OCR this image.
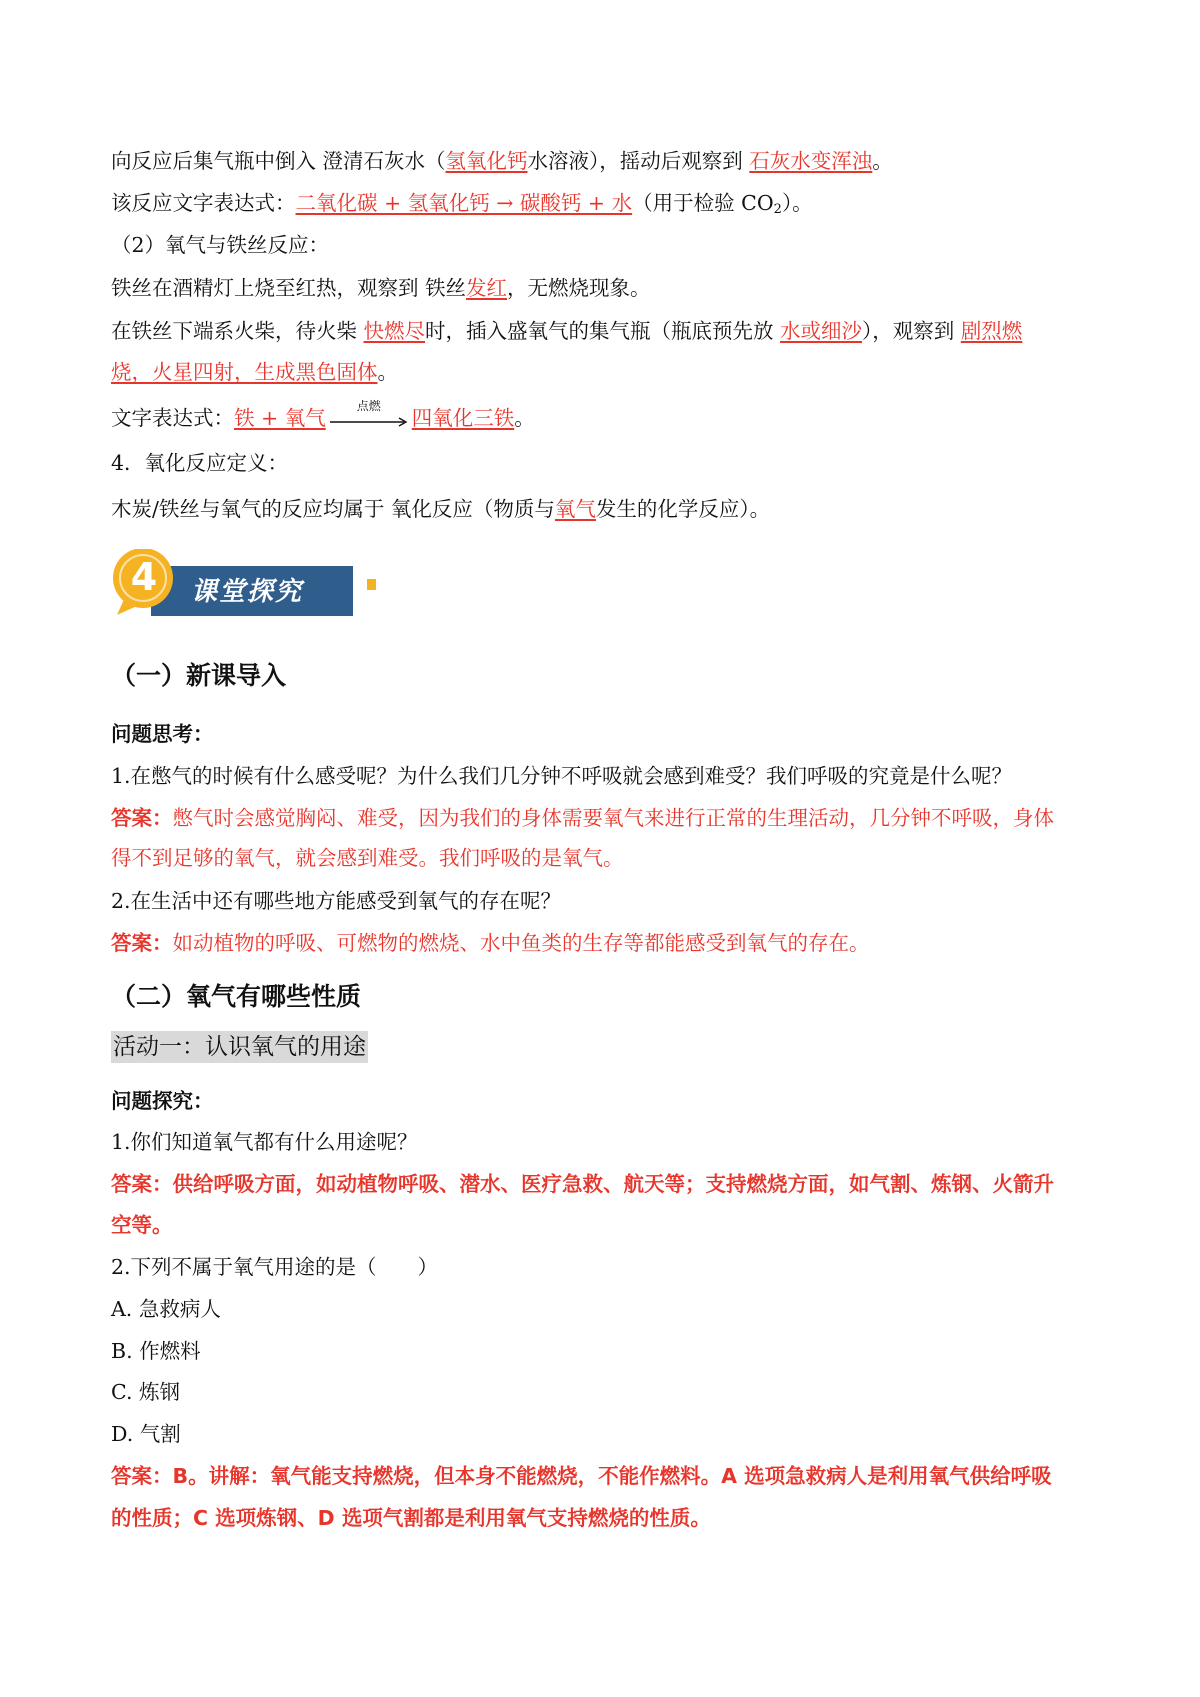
向反应后集气瓶中倒入 澄清石灰水（氢氧化钙水溶液），摇动后观察到 石灰水变浑浊。
该反应文字表达式：二氧化碳 + 氢氧化钙 → 碳酸钙 + 水（用于检验 $CO_2$）。
（2）氧气与铁丝反应：
铁丝在酒精灯上烧至红热，观察到 铁丝发红，无燃烧现象。
在铁丝下端系火柴，待火柴 快燃尽时，插入盛氧气的集气瓶（瓶底预先放 水或细沙），观察到 剧烈燃
烧，火星四射，生成黑色固体。
文字表达式：铁 + 氧气
点燃
四氧化三铁。
4．氧化反应定义：
木炭/铁丝与氧气的反应均属于 氧化反应（物质与氧气发生的化学反应）。
4 课堂探究
（一）新课导入
问题思考：
1.在憋气的时候有什么感受呢？为什么我们几分钟不呼吸就会感到难受？我们呼吸的究竟是什么呢？
答案：憋气时会感觉胸闷、难受，因为我们的身体需要氧气来进行正常的生理活动，几分钟不呼吸，身体
得不到足够的氧气，就会感到难受。我们呼吸的是氧气。
2.在生活中还有哪些地方能感受到氧气的存在呢？
答案：如动植物的呼吸、可燃物的燃烧、水中鱼类的生存等都能感受到氧气的存在。
（二）氧气有哪些性质
活动一：认识氧气的用途
问题探究：
1.你们知道氧气都有什么用途呢？
答案：供给呼吸方面，如动植物呼吸、潜水、医疗急救、航天等；支持燃烧方面，如气割、炼钢、火箭升
空等。
2.下列不属于氧气用途的是（　　）
A. 急救病人
B. 作燃料
C. 炼钢
D. 气割
答案：B。讲解：氧气能支持燃烧，但本身不能燃烧，不能作燃料。A 选项急救病人是利用氧气供给呼吸
的性质；C 选项炼钢、D 选项气割都是利用氧气支持燃烧的性质。
